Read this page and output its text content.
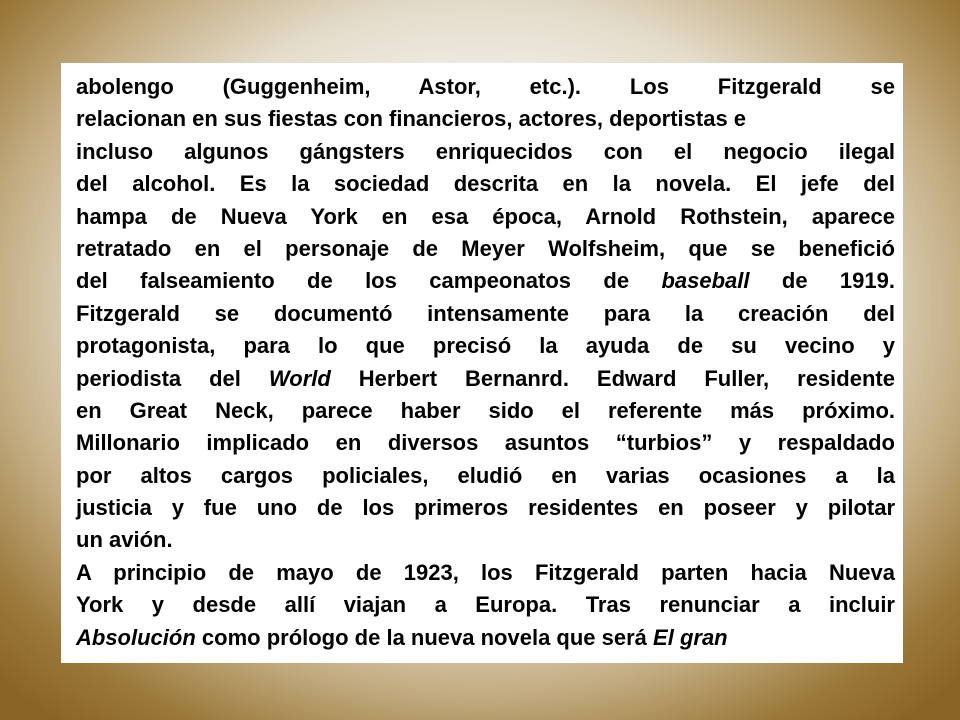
abolengo (Guggenheim, Astor, etc.). Los Fitzgerald se
relacionan en sus fiestas con financieros, actores, deportistas e
incluso algunos gángsters enriquecidos con el negocio ilegal
del alcohol. Es la sociedad descrita en la novela. El jefe del
hampa de Nueva York en esa época, Arnold Rothstein, aparece
retratado en el personaje de Meyer Wolfsheim, que se benefició
del falseamiento de los campeonatos de baseball de 1919.
Fitzgerald se documentó intensamente para la creación del
protagonista, para lo que precisó la ayuda de su vecino y
periodista del World Herbert Bernanrd. Edward Fuller, residente
en Great Neck, parece haber sido el referente más próximo.
Millonario implicado en diversos asuntos “turbios” y respaldado
por altos cargos policiales, eludió en varias ocasiones a la
justicia y fue uno de los primeros residentes en poseer y pilotar
un avión.
A principio de mayo de 1923, los Fitzgerald parten hacia Nueva
York y desde allí viajan a Europa. Tras renunciar a incluir
Absolución como prólogo de la nueva novela que será El gran
